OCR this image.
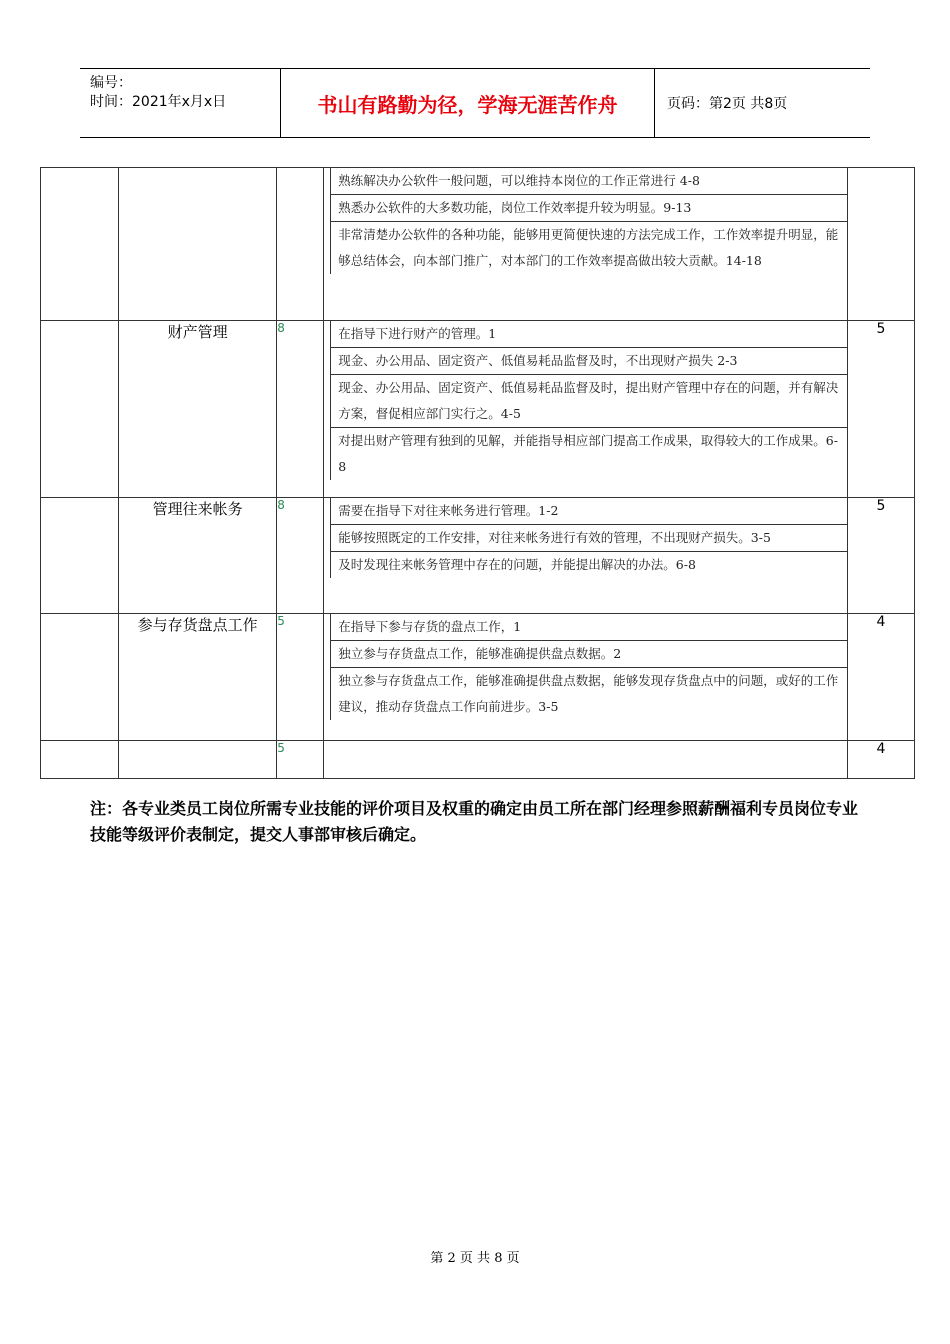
编号：
时间：2021年x月x日	书山有路勤为径，学海无涯苦作舟	页码：第2页 共8页

			熟练解决办公软件一般问题，可以维持本岗位的工作正常进行 4-8
熟悉办公软件的大多数功能，岗位工作效率提升较为明显。9-13
非常清楚办公软件的各种功能，能够用更简便快速的方法完成工作，工作效率提升明显，能够总结体会，向本部门推广，对本部门的工作效率提高做出较大贡献。14-18	

	财产管理	8	在指导下进行财产的管理。1
现金、办公用品、固定资产、低值易耗品监督及时，不出现财产损失 2-3
现金、办公用品、固定资产、低值易耗品监督及时，提出财产管理中存在的问题，并有解决方案，督促相应部门实行之。4-5
对提出财产管理有独到的见解，并能指导相应部门提高工作成果，取得较大的工作成果。6-8	5
	管理往来帐务	8	需要在指导下对往来帐务进行管理。1-2
能够按照既定的工作安排，对往来帐务进行有效的管理，不出现财产损失。3-5
及时发现往来帐务管理中存在的问题，并能提出解决的办法。6-8	5
	参与存货盘点工作	5	在指导下参与存货的盘点工作，1
独立参与存货盘点工作，能够准确提供盘点数据。2
独立参与存货盘点工作，能够准确提供盘点数据，能够发现存货盘点中的问题，或好的工作建议，推动存货盘点工作向前进步。3-5	4
		5		4
注：各专业类员工岗位所需专业技能的评价项目及权重的确定由员工所在部门经理参照薪酬福利专员岗位专业技能等级评价表制定，提交人事部审核后确定。
第 2 页 共 8 页
